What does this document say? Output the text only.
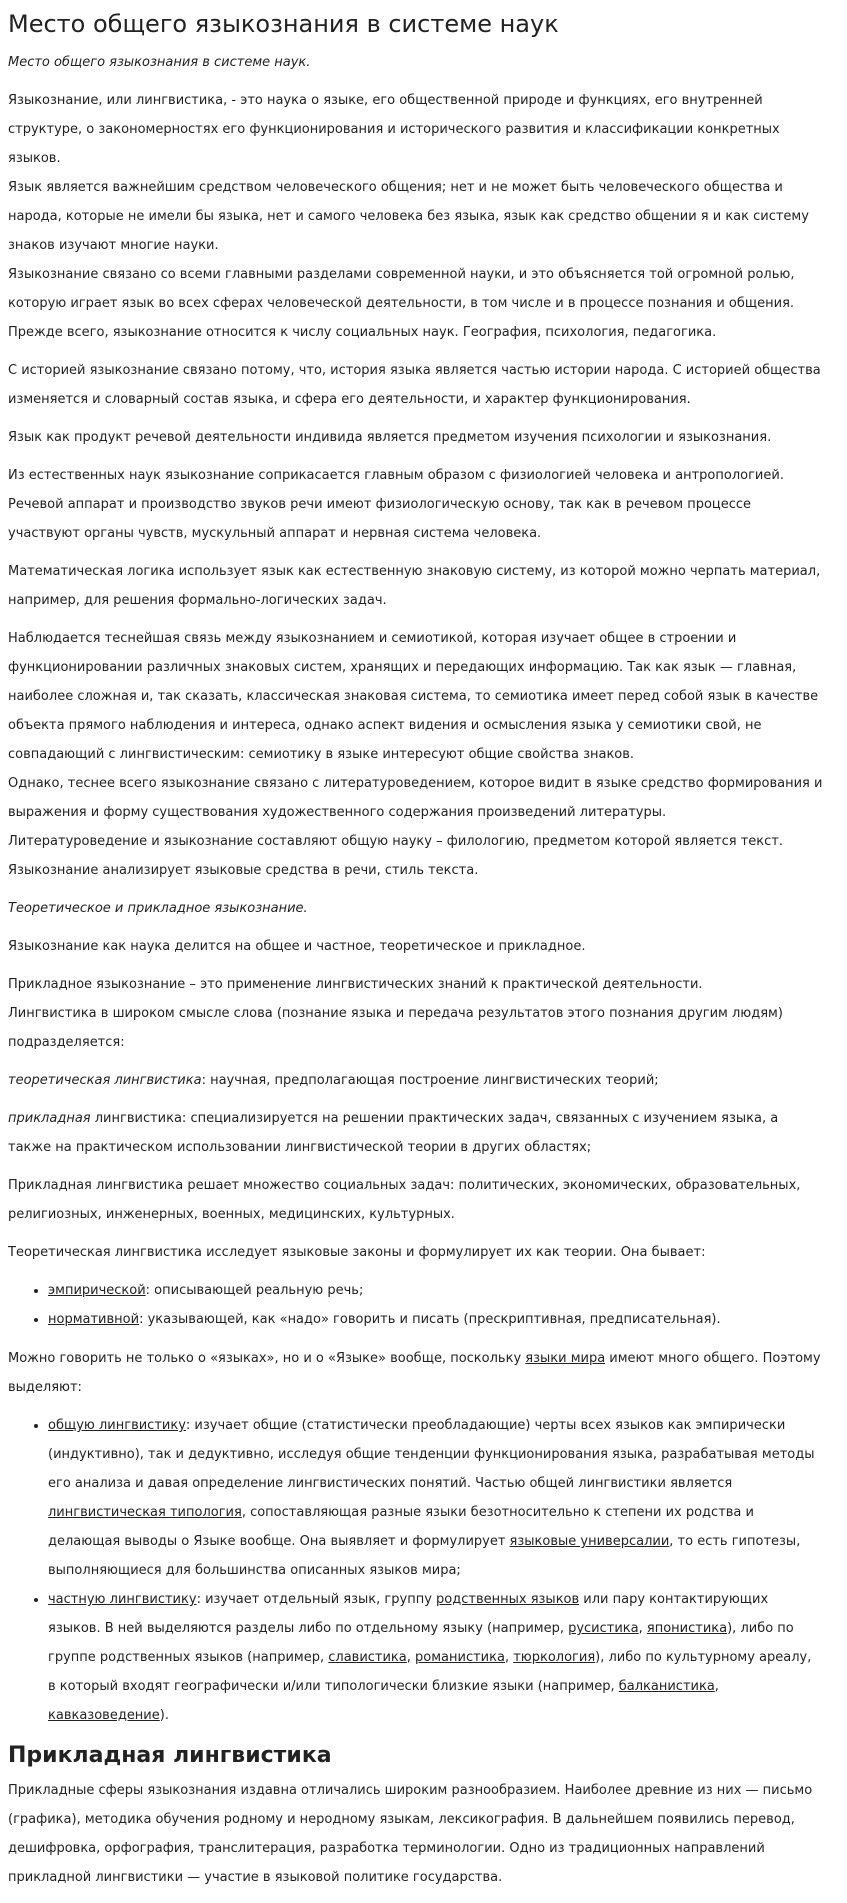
Место общего языкознания в системе наук

Место общего языкознания в системе наук.

Языкознание, или лингвистика, - это наука о языке, его общественной природе и функциях, его внутренней структуре, о закономерностях его функционирования и исторического развития и классификации конкретных языков.

Язык является важнейшим средством человеческого общения; нет и не может быть человеческого общества и народа, которые не имели бы языка, нет и самого человека без языка, язык как средство общении я и как систему знаков изучают многие науки.

Языкознание связано со всеми главными разделами современной науки, и это объясняется той огромной ролью, которую играет язык во всех сферах человеческой деятельности, в том числе и в процессе познания и общения.

Прежде всего, языкознание относится к числу социальных наук. География, психология, педагогика.

С историей языкознание связано потому, что, история языка является частью истории народа. С историей общества изменяется и словарный состав языка, и сфера его деятельности, и характер функционирования.

Язык как продукт речевой деятельности индивида является предметом изучения психологии и языкознания.

Из естественных наук языкознание соприкасается главным образом с физиологией человека и антропологией. Речевой аппарат и производство звуков речи имеют физиологическую основу, так как в речевом процессе участвуют органы чувств, мускульный аппарат и нервная система человека.

Математическая логика использует язык как естественную знаковую систему, из которой можно черпать материал, например, для решения формально-логических задач.

Наблюдается теснейшая связь между языкознанием и семиотикой, которая изучает общее в строении и функционировании различных знаковых систем, хранящих и передающих информацию. Так как язык — главная, наиболее сложная и, так сказать, классическая знаковая система, то семиотика имеет перед собой язык в качестве объекта прямого наблюдения и интереса, однако аспект видения и осмысления языка у семиотики свой, не совпадающий с лингвистическим: семиотику в языке интересуют общие свойства знаков.

Однако, теснее всего языкознание связано с литературоведением, которое видит в языке средство формирования и выражения и форму существования художественного содержания произведений литературы.

Литературоведение и языкознание составляют общую науку – филологию, предметом которой является текст. Языкознание анализирует языковые средства в речи, стиль текста.

Теоретическое и прикладное языкознание.

Языкознание как наука делится на общее и частное, теоретическое и прикладное.

Прикладное языкознание – это применение лингвистических знаний к практической деятельности.

Лингвистика в широком смысле слова (познание языка и передача результатов этого познания другим людям) подразделяется:

теоретическая лингвистика: научная, предполагающая построение лингвистических теорий;

прикладная лингвистика: специализируется на решении практических задач, связанных с изучением языка, а также на практическом использовании лингвистической теории в других областях;

Прикладная лингвистика решает множество социальных задач: политических, экономических, образовательных, религиозных, инженерных, военных, медицинских, культурных.

Теоретическая лингвистика исследует языковые законы и формулирует их как теории. Она бывает:

• эмпирической: описывающей реальную речь;
• нормативной: указывающей, как «надо» говорить и писать (прескриптивная, предписательная).

Можно говорить не только о «языках», но и о «Языке» вообще, поскольку языки мира имеют много общего. Поэтому выделяют:

• общую лингвистику: изучает общие (статистически преобладающие) черты всех языков как эмпирически (индуктивно), так и дедуктивно, исследуя общие тенденции функционирования языка, разрабатывая методы его анализа и давая определение лингвистических понятий. Частью общей лингвистики является лингвистическая типология, сопоставляющая разные языки безотносительно к степени их родства и делающая выводы о Языке вообще. Она выявляет и формулирует языковые универсалии, то есть гипотезы, выполняющиеся для большинства описанных языков мира;
• частную лингвистику: изучает отдельный язык, группу родственных языков или пару контактирующих языков. В ней выделяются разделы либо по отдельному языку (например, русистика, японистика), либо по группе родственных языков (например, славистика, романистика, тюркология), либо по культурному ареалу, в который входят географически и/или типологически близкие языки (например, балканистика, кавказоведение).
Прикладная лингвистика

Прикладные сферы языкознания издавна отличались широким разнообразием. Наиболее древние из них — письмо (графика), методика обучения родному и неродному языкам, лексикография. В дальнейшем появились перевод, дешифровка, орфография, транслитерация, разработка терминологии. Одно из традиционных направлений прикладной лингвистики — участие в языковой политике государства.
